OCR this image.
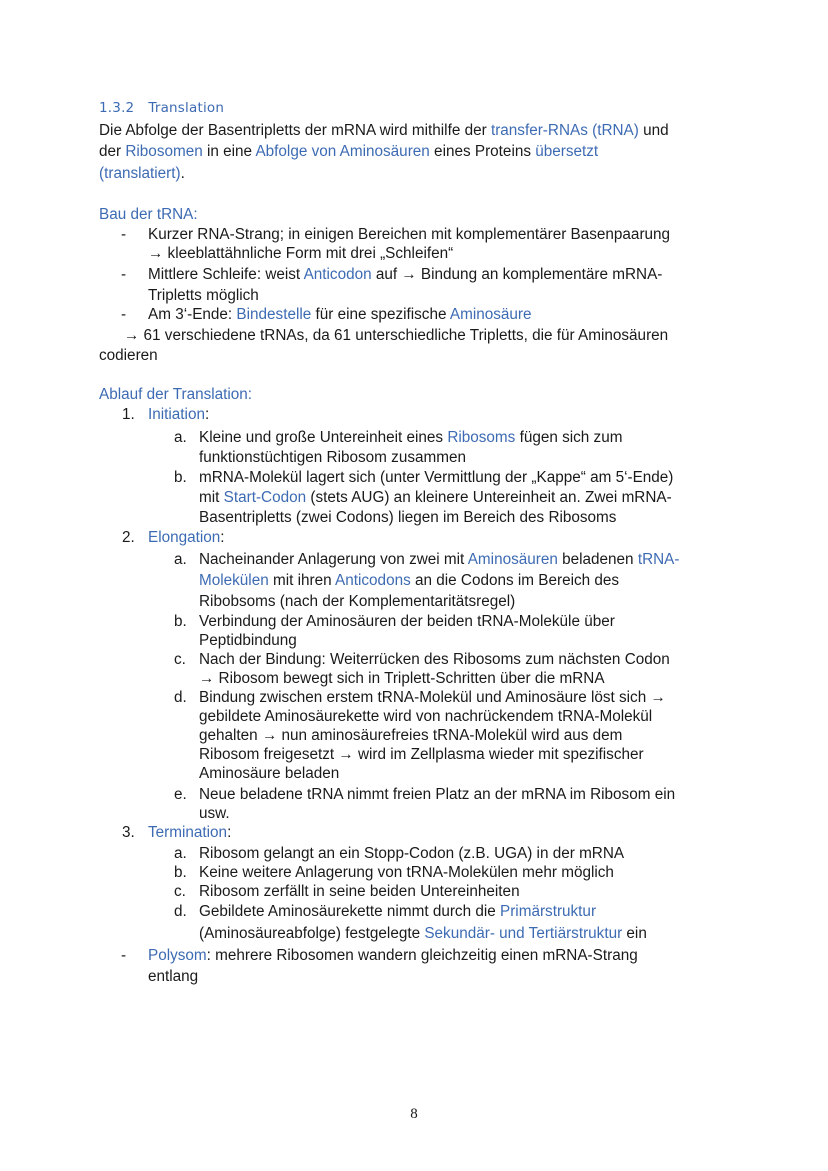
1.3.2 Translation
Die Abfolge der Basentripletts der mRNA wird mithilfe der transfer-RNAs (tRNA) und
der Ribosomen in eine Abfolge von Aminosäuren eines Proteins übersetzt
(translatiert).
Bau der tRNA:
- Kurzer RNA-Strang; in einigen Bereichen mit komplementärer Basenpaarung
→ kleeblattähnliche Form mit drei „Schleifen“
- Mittlere Schleife: weist Anticodon auf → Bindung an komplementäre mRNA-
Tripletts möglich
- Am 3‘-Ende: Bindestelle für eine spezifische Aminosäure
→ 61 verschiedene tRNAs, da 61 unterschiedliche Tripletts, die für Aminosäuren
codieren
Ablauf der Translation:
1. Initiation:
a. Kleine und große Untereinheit eines Ribosoms fügen sich zum
funktionstüchtigen Ribosom zusammen
b. mRNA-Molekül lagert sich (unter Vermittlung der „Kappe“ am 5‘-Ende)
mit Start-Codon (stets AUG) an kleinere Untereinheit an. Zwei mRNA-
Basentripletts (zwei Codons) liegen im Bereich des Ribosoms
2. Elongation:
a. Nacheinander Anlagerung von zwei mit Aminosäuren beladenen tRNA-
Molekülen mit ihren Anticodons an die Codons im Bereich des
Ribobsoms (nach der Komplementaritätsregel)
b. Verbindung der Aminosäuren der beiden tRNA-Moleküle über
Peptidbindung
c. Nach der Bindung: Weiterrücken des Ribosoms zum nächsten Codon
→ Ribosom bewegt sich in Triplett-Schritten über die mRNA
d. Bindung zwischen erstem tRNA-Molekül und Aminosäure löst sich →
gebildete Aminosäurekette wird von nachrückendem tRNA-Molekül
gehalten → nun aminosäurefreies tRNA-Molekül wird aus dem
Ribosom freigesetzt → wird im Zellplasma wieder mit spezifischer
Aminosäure beladen
e. Neue beladene tRNA nimmt freien Platz an der mRNA im Ribosom ein
usw.
3. Termination:
a. Ribosom gelangt an ein Stopp-Codon (z.B. UGA) in der mRNA
b. Keine weitere Anlagerung von tRNA-Molekülen mehr möglich
c. Ribosom zerfällt in seine beiden Untereinheiten
d. Gebildete Aminosäurekette nimmt durch die Primärstruktur
(Aminosäureabfolge) festgelegte Sekundär- und Tertiärstruktur ein
- Polysom: mehrere Ribosomen wandern gleichzeitig einen mRNA-Strang
entlang
8
